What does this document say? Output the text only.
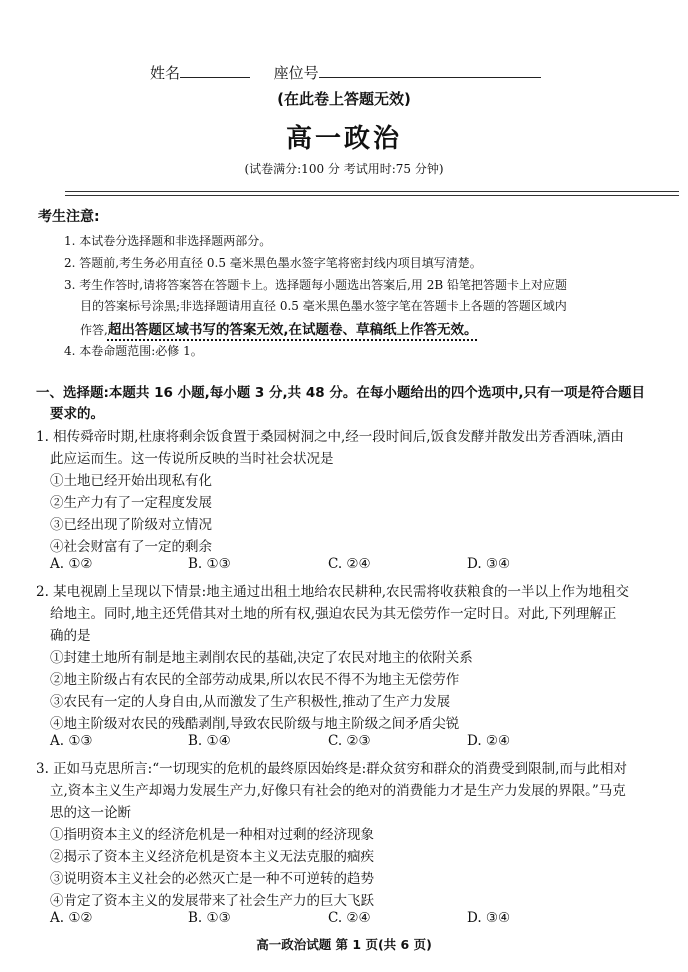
姓名	座位号
(在此卷上答题无效)
高一政治
(试卷满分:100 分 考试用时:75 分钟)
考生注意:
1. 本试卷分选择题和非选择题两部分。
2. 答题前,考生务必用直径 0.5 毫米黑色墨水签字笔将密封线内项目填写清楚。
3. 考生作答时,请将答案答在答题卡上。选择题每小题选出答案后,用 2B 铅笔把答题卡上对应题
目的答案标号涂黑;非选择题请用直径 0.5 毫米黑色墨水签字笔在答题卡上各题的答题区域内
作答,超出答题区域书写的答案无效,在试题卷、草稿纸上作答无效。
4. 本卷命题范围:必修 1。
一、选择题:本题共 16 小题,每小题 3 分,共 48 分。在每小题给出的四个选项中,只有一项是符合题目
要求的。
1. 相传舜帝时期,杜康将剩余饭食置于桑园树洞之中,经一段时间后,饭食发酵并散发出芳香酒味,酒由
此应运而生。这一传说所反映的当时社会状况是
①土地已经开始出现私有化
②生产力有了一定程度发展
③已经出现了阶级对立情况
④社会财富有了一定的剩余
A. ①②	B. ①③	C. ②④	D. ③④
2. 某电视剧上呈现以下情景:地主通过出租土地给农民耕种,农民需将收获粮食的一半以上作为地租交
给地主。同时,地主还凭借其对土地的所有权,强迫农民为其无偿劳作一定时日。对此,下列理解正
确的是
①封建土地所有制是地主剥削农民的基础,决定了农民对地主的依附关系
②地主阶级占有农民的全部劳动成果,所以农民不得不为地主无偿劳作
③农民有一定的人身自由,从而激发了生产积极性,推动了生产力发展
④地主阶级对农民的残酷剥削,导致农民阶级与地主阶级之间矛盾尖锐
A. ①③	B. ①④	C. ②③	D. ②④
3. 正如马克思所言:“一切现实的危机的最终原因始终是:群众贫穷和群众的消费受到限制,而与此相对
立,资本主义生产却竭力发展生产力,好像只有社会的绝对的消费能力才是生产力发展的界限。”马克
思的这一论断
①指明资本主义的经济危机是一种相对过剩的经济现象
②揭示了资本主义经济危机是资本主义无法克服的痼疾
③说明资本主义社会的必然灭亡是一种不可逆转的趋势
④肯定了资本主义的发展带来了社会生产力的巨大飞跃
A. ①②	B. ①③	C. ②④	D. ③④
高一政治试题 第 1 页(共 6 页)
